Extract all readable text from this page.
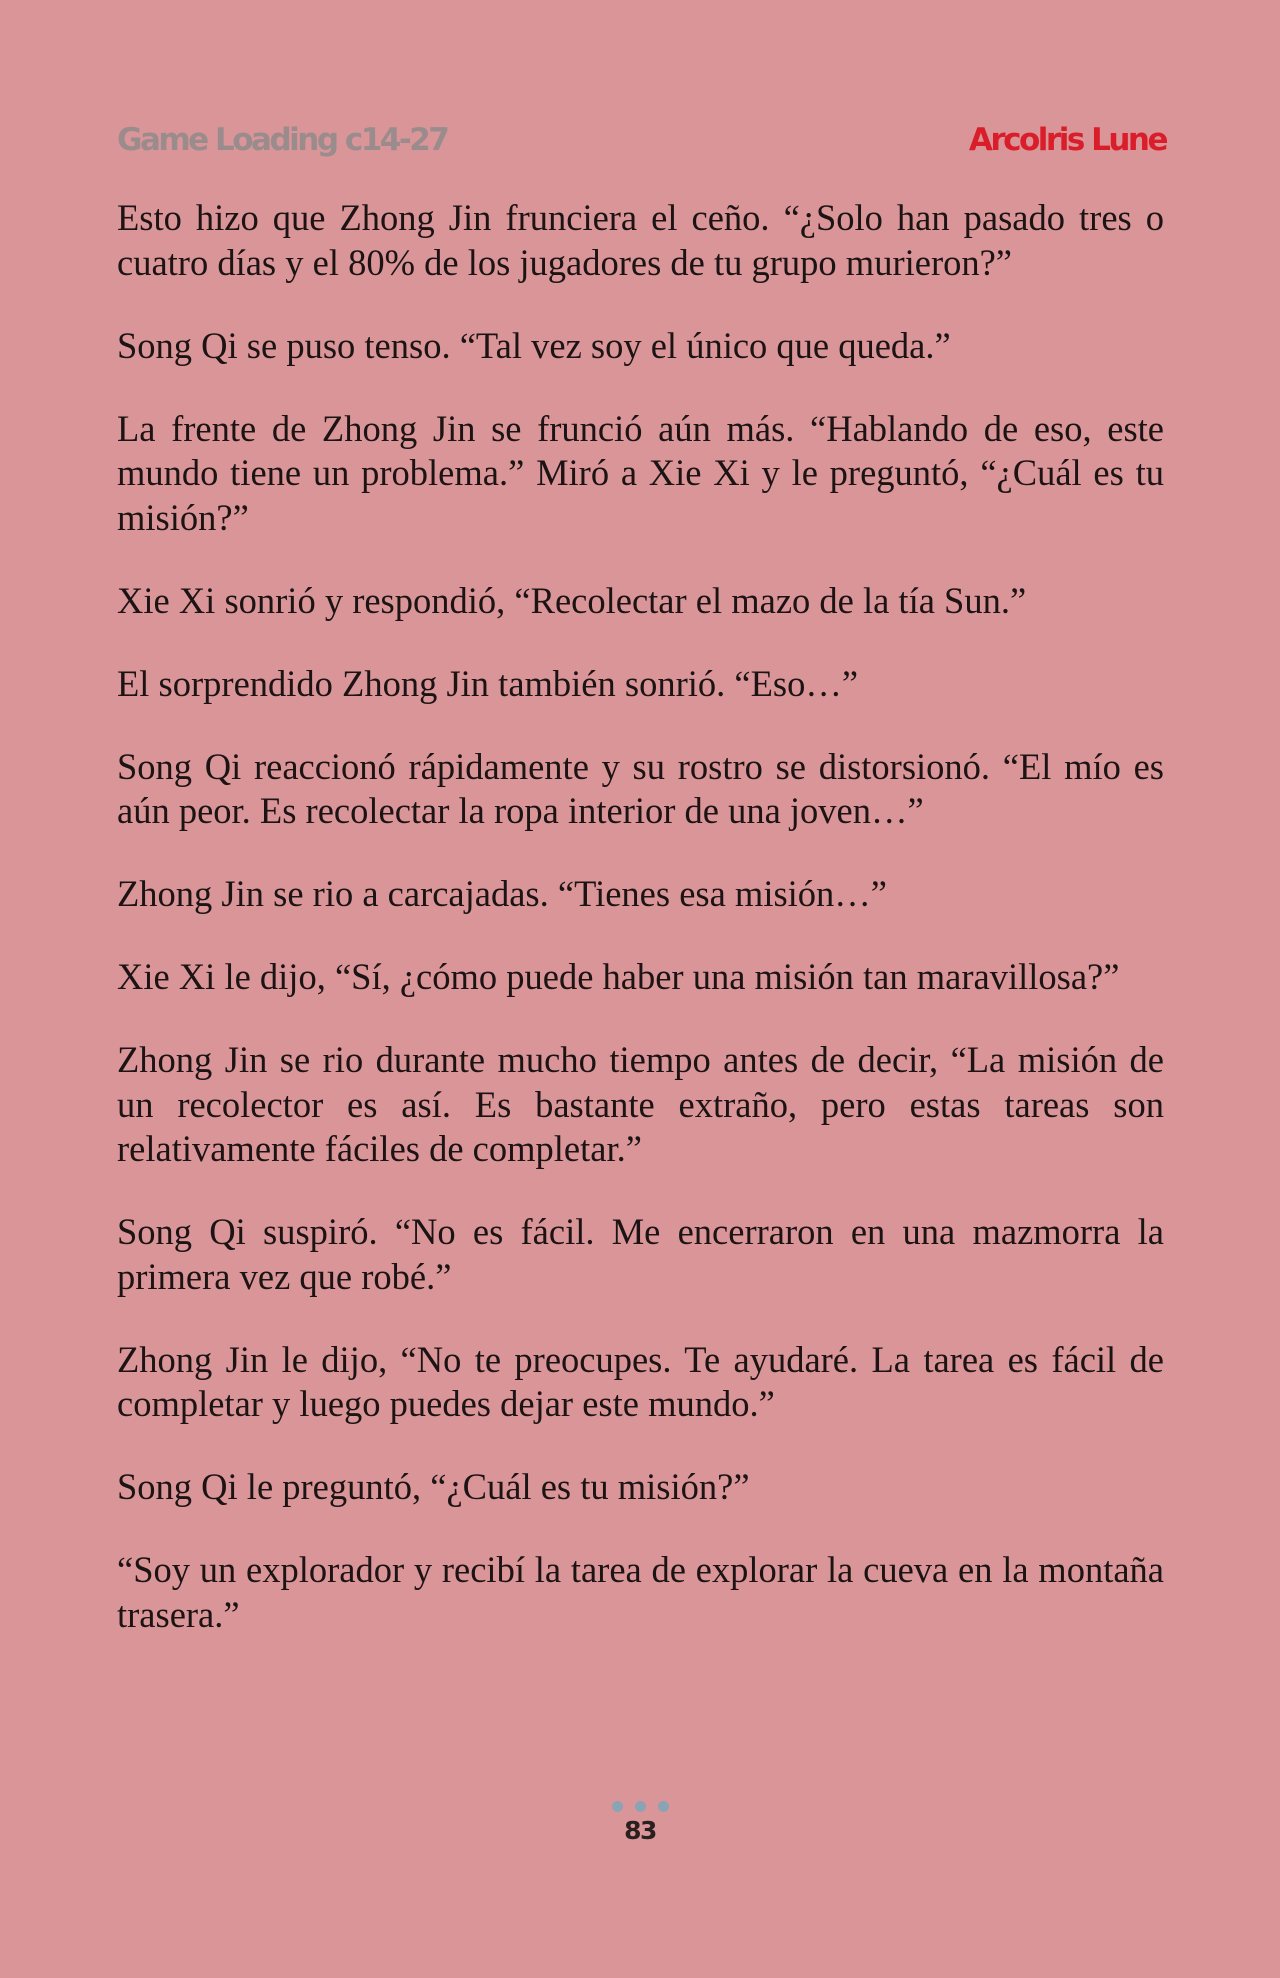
Game Loading c14-27	Arcolris Lune

Esto hizo que Zhong Jin frunciera el ceño. “¿Solo han pasado tres o cuatro días y el 80% de los jugadores de tu grupo murieron?”

Song Qi se puso tenso. “Tal vez soy el único que queda.”

La frente de Zhong Jin se frunció aún más. “Hablando de eso, este mundo tiene un problema.” Miró a Xie Xi y le preguntó, “¿Cuál es tu misión?”

Xie Xi sonrió y respondió, “Recolectar el mazo de la tía Sun.”

El sorprendido Zhong Jin también sonrió. “Eso…”

Song Qi reaccionó rápidamente y su rostro se distorsionó. “El mío es aún peor. Es recolectar la ropa interior de una joven…”

Zhong Jin se rio a carcajadas. “Tienes esa misión…”

Xie Xi le dijo, “Sí, ¿cómo puede haber una misión tan maravillosa?”

Zhong Jin se rio durante mucho tiempo antes de decir, “La misión de un recolector es así. Es bastante extraño, pero estas tareas son relativamente fáciles de completar.”

Song Qi suspiró. “No es fácil. Me encerraron en una mazmorra la primera vez que robé.”

Zhong Jin le dijo, “No te preocupes. Te ayudaré. La tarea es fácil de completar y luego puedes dejar este mundo.”

Song Qi le preguntó, “¿Cuál es tu misión?”

“Soy un explorador y recibí la tarea de explorar la cueva en la montaña trasera.”

83
